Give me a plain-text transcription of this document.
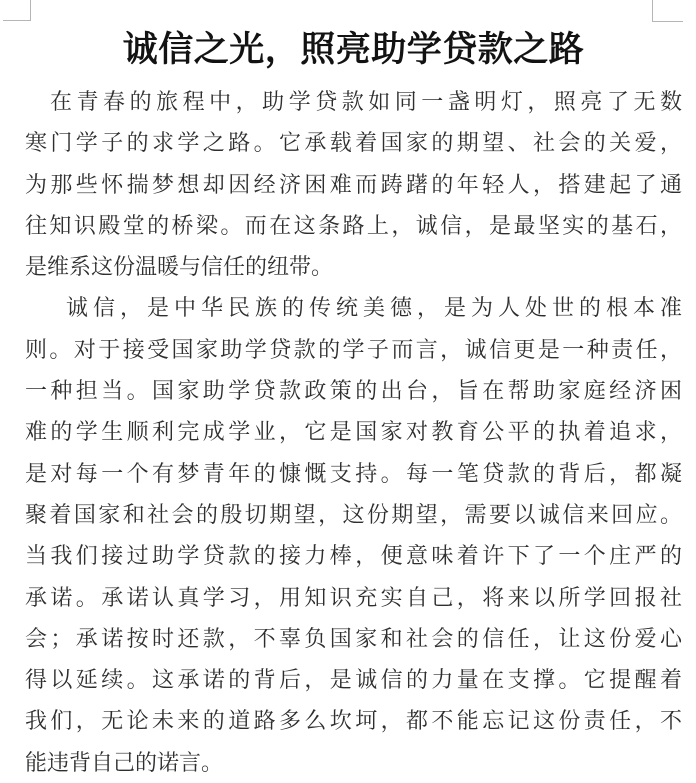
诚信之光，照亮助学贷款之路
在青春的旅程中，助学贷款如同一盏明灯，照亮了无数
寒门学子的求学之路。它承载着国家的期望、社会的关爱，
为那些怀揣梦想却因经济困难而踌躇的年轻人，搭建起了通
往知识殿堂的桥梁。而在这条路上，诚信，是最坚实的基石，
是维系这份温暖与信任的纽带。
诚信，是中华民族的传统美德，是为人处世的根本准
则。对于接受国家助学贷款的学子而言，诚信更是一种责任，
一种担当。国家助学贷款政策的出台，旨在帮助家庭经济困
难的学生顺利完成学业，它是国家对教育公平的执着追求，
是对每一个有梦青年的慷慨支持。每一笔贷款的背后，都凝
聚着国家和社会的殷切期望，这份期望，需要以诚信来回应。
当我们接过助学贷款的接力棒，便意味着许下了一个庄严的
承诺。承诺认真学习，用知识充实自己，将来以所学回报社
会；承诺按时还款，不辜负国家和社会的信任，让这份爱心
得以延续。这承诺的背后，是诚信的力量在支撑。它提醒着
我们，无论未来的道路多么坎坷，都不能忘记这份责任，不
能违背自己的诺言。
